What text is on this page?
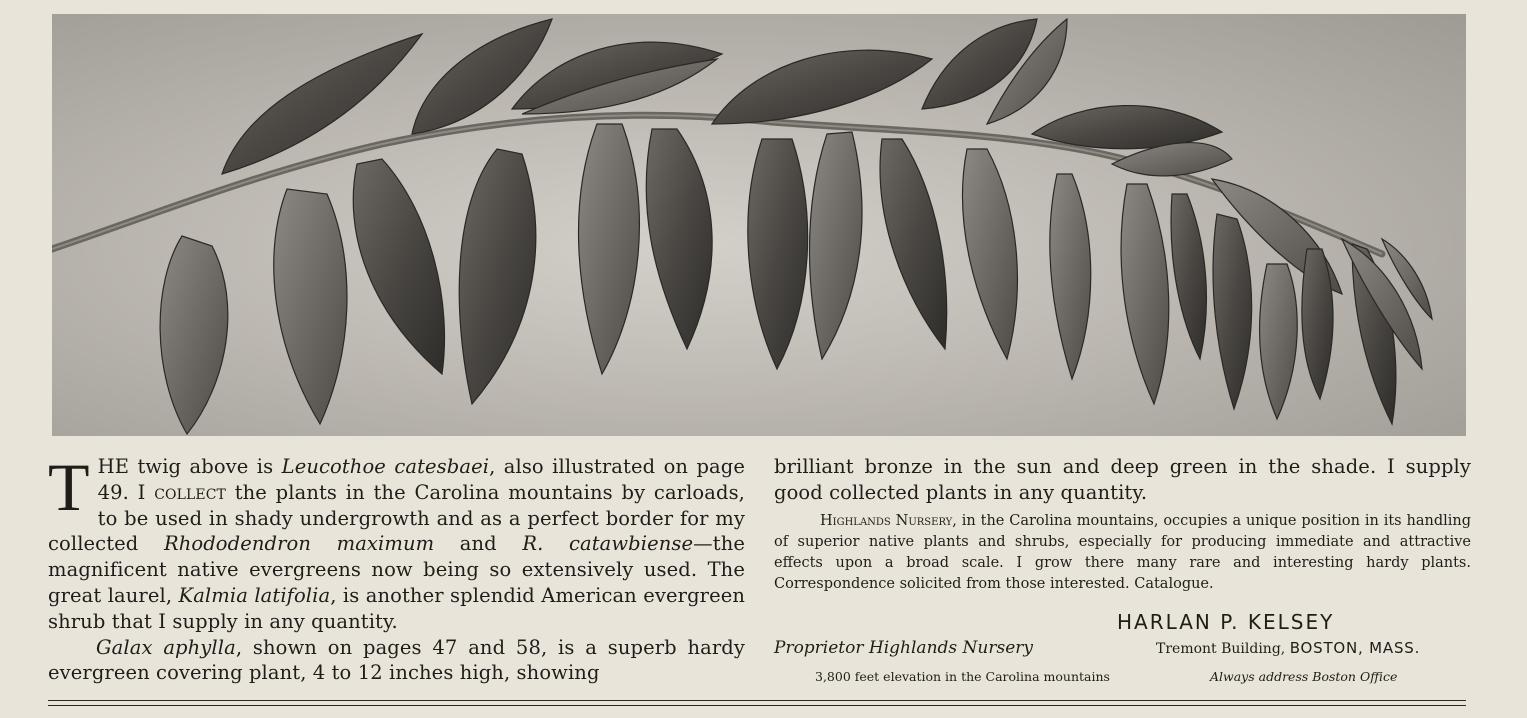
THE twig above is Leucothoe catesbaei, also illustrated on page 49. I collect the plants in the Carolina mountains by carloads, to be used in shady undergrowth and as a perfect border for my collected Rhododendron maximum and R. catawbiense—the magnificent native evergreens now being so extensively used. The great laurel, Kalmia latifolia, is another splendid American evergreen shrub that I supply in any quantity.

Galax aphylla, shown on pages 47 and 58, is a superb hardy evergreen covering plant, 4 to 12 inches high, showing

brilliant bronze in the sun and deep green in the shade. I supply good collected plants in any quantity.

Highlands Nursery, in the Carolina mountains, occupies a unique position in its handling of superior native plants and shrubs, especially for producing immediate and attractive effects upon a broad scale. I grow there many rare and interesting hardy plants. Correspondence solicited from those interested. Catalogue.

HARLAN P. KELSEY
Proprietor Highlands Nursery	Tremont Building, BOSTON, MASS.
3,800 feet elevation in the Carolina mountains	Always address Boston Office
